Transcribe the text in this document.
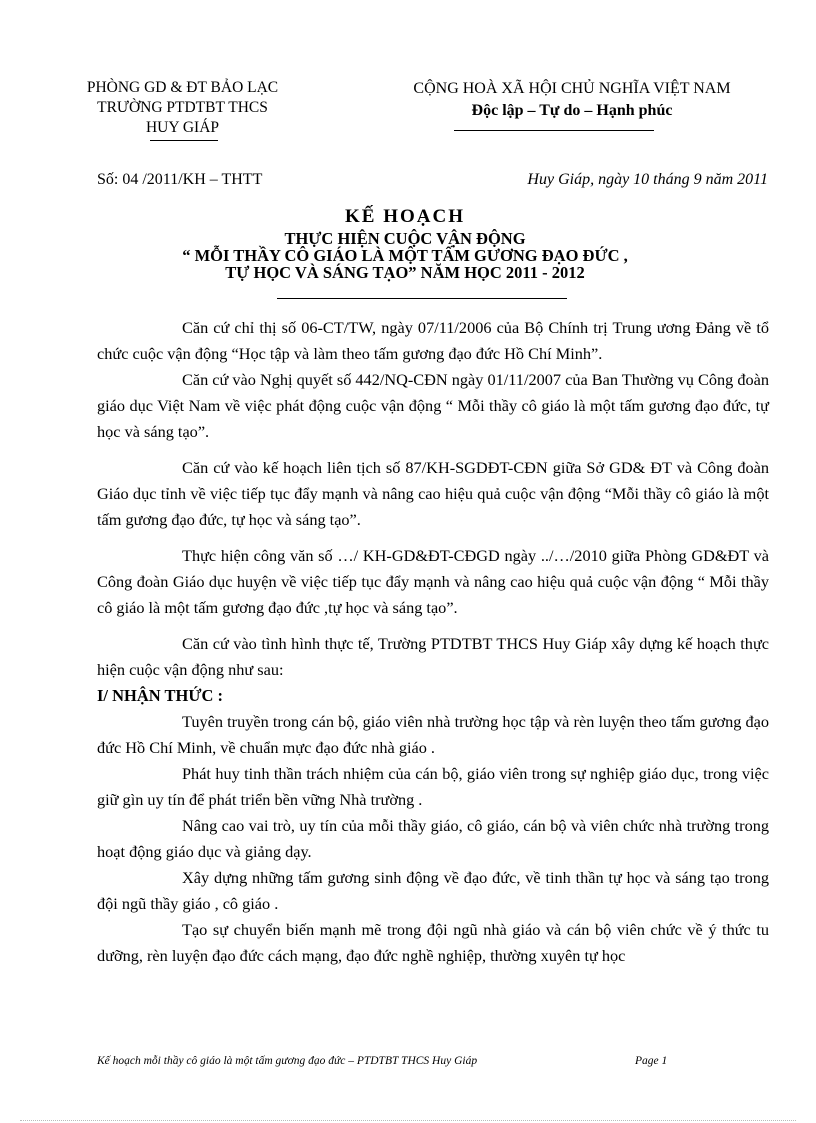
PHÒNG GD & ĐT BẢO LẠC
TRƯỜNG PTDTBT THCS
HUY GIÁP
CỘNG HOÀ XÃ HỘI CHỦ NGHĨA VIỆT NAM
Độc lập – Tự do – Hạnh phúc
Số: 04 /2011/KH – THTT	Huy Giáp, ngày 10 tháng 9 năm 2011
KẾ HOẠCH
THỰC HIỆN CUỘC VẬN ĐỘNG
“ MỖI THẦY CÔ GIÁO LÀ MỘT TẤM GƯƠNG ĐẠO ĐỨC ,
TỰ HỌC VÀ SÁNG TẠO” NĂM HỌC 2011 - 2012

Căn cứ chỉ thị số 06-CT/TW, ngày 07/11/2006 của Bộ Chính trị Trung ương Đảng về tổ chức cuộc vận động “Học tập và làm theo tấm gương đạo đức Hồ Chí Minh”.

Căn cứ vào Nghị quyết số 442/NQ-CĐN ngày 01/11/2007 của Ban Thường vụ Công đoàn giáo dục Việt Nam về việc phát động cuộc vận động “ Mỗi thầy cô giáo là một tấm gương đạo đức, tự học và sáng tạo”.

Căn cứ vào kế hoạch liên tịch số 87/KH-SGDĐT-CĐN giữa Sở GD& ĐT và Công đoàn Giáo dục tỉnh về việc tiếp tục đẩy mạnh và nâng cao hiệu quả cuộc vận động “Mỗi thầy cô giáo là một tấm gương đạo đức, tự học và sáng tạo”.

Thực hiện công văn số …/ KH-GD&ĐT-CĐGD ngày ../…/2010 giữa Phòng GD&ĐT và Công đoàn Giáo dục huyện về việc tiếp tục đẩy mạnh và nâng cao hiệu quả cuộc vận động “ Mỗi thầy cô giáo là một tấm gương đạo đức ,tự học và sáng tạo”.

Căn cứ vào tình hình thực tế, Trường PTDTBT THCS Huy Giáp xây dựng kế hoạch thực hiện cuộc vận động như sau:

I/ NHẬN THỨC :

Tuyên truyền trong cán bộ, giáo viên nhà trường học tập và rèn luyện theo tấm gương đạo đức Hồ Chí Minh, về chuẩn mực đạo đức nhà giáo .

Phát huy tinh thần trách nhiệm của cán bộ, giáo viên trong sự nghiệp giáo dục, trong việc giữ gìn uy tín để phát triển bền vững Nhà trường .

Nâng cao vai trò, uy tín của mỗi thầy giáo, cô giáo, cán bộ và viên chức nhà trường trong hoạt động giáo dục và giảng dạy.

Xây dựng những tấm gương sinh động về đạo đức, về tinh thần tự học và sáng tạo trong đội ngũ thầy giáo , cô giáo .

Tạo sự chuyển biến mạnh mẽ trong đội ngũ nhà giáo và cán bộ viên chức về ý thức tu dưỡng, rèn luyện đạo đức cách mạng, đạo đức nghề nghiệp, thường xuyên tự học

Kế hoạch mỗi thầy cô giáo là một tấm gương đạo đức – PTDTBT THCS Huy Giáp	Page 1
